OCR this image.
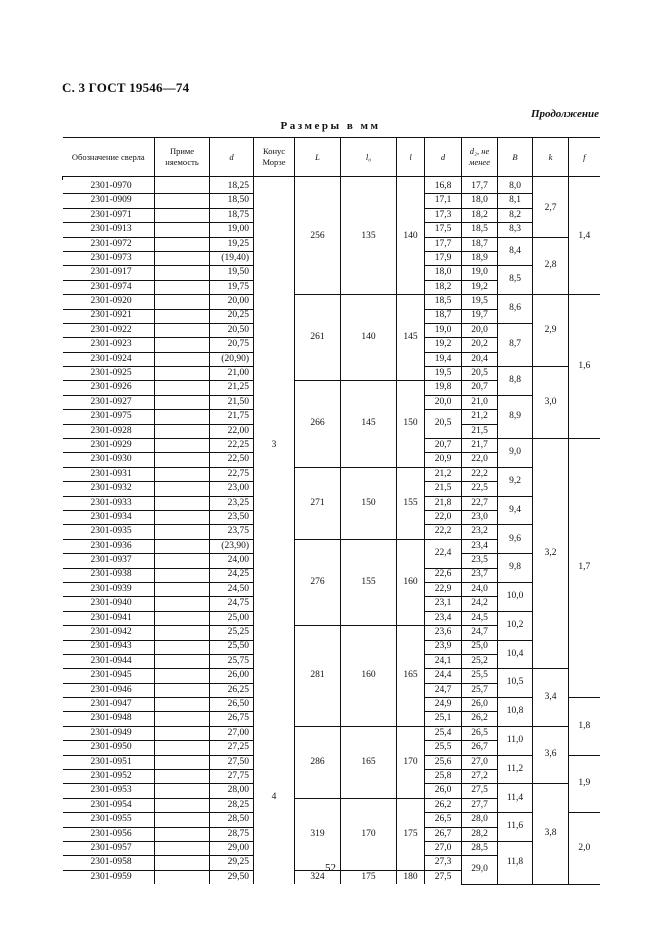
С. 3 ГОСТ 19546—74
Продолжение
Размеры в мм
Обозначение сверла	Приме няемость	d	Конус Морзе	L	l₀	l	d	d₂, не менее	B	k	f

2301-0970		18,25	3	256	135	140	16,8	17,7	8,0	2,7	1,4
2301-0909		18,50					17,1	18,0	8,1		
2301-0971		18,75					17,3	18,2	8,2		
2301-0913		19,00					17,5	18,5	8,3		
2301-0972		19,25					17,7	18,7	8,4	2,8	
2301-0973		(19,40)					17,9	18,9			
2301-0917		19,50					18,0	19,0	8,5		
2301-0974		19,75					18,2	19,2			
2301-0920		20,00		261	140	145	18,5	19,5	8,6	2,9	1,6
2301-0921		20,25					18,7	19,7			
2301-0922		20,50					19,0	20,0	8,7		
2301-0923		20,75					19,2	20,2			
2301-0924		(20,90)					19,4	20,4			
2301-0925		21,00					19,5	20,5	8,8	3,0	
2301-0926		21,25		266	145	150	19,8	20,7			
2301-0927		21,50					20,0	21,0	8,9		
2301-0975		21,75					20,5	21,2			
2301-0928		22,00						21,5			
2301-0929		22,25					20,7	21,7	9,0	3,2	1,7
2301-0930		22,50					20,9	22,0			
2301-0931		22,75		271	150	155	21,2	22,2	9,2		
2301-0932		23,00					21,5	22,5			
2301-0933		23,25					21,8	22,7	9,4		
2301-0934		23,50					22,0	23,0			
2301-0935		23,75					22,2	23,2	9,6		
2301-0936		(23,90)		276	155	160	22,4	23,4			
2301-0937		24,00						23,5	9,8		
2301-0938		24,25					22,6	23,7			
2301-0939		24,50					22,9	24,0	10,0		
2301-0940		24,75					23,1	24,2			
2301-0941		25,00					23,4	24,5	10,2		
2301-0942		25,25		281	160	165	23,6	24,7			
2301-0943		25,50					23,9	25,0	10,4		
2301-0944		25,75					24,1	25,2			
2301-0945		26,00					24,4	25,5	10,5	3,4	
2301-0946		26,25					24,7	25,7			
2301-0947		26,50					24,9	26,0	10,8		1,8
2301-0948		26,75	4				25,1	26,2			
2301-0949		27,00		286	165	170	25,4	26,5	11,0	3,6	
2301-0950		27,25					25,5	26,7			
2301-0951		27,50					25,6	27,0	11,2		1,9
2301-0952		27,75					25,8	27,2			
2301-0953		28,00					26,0	27,5	11,4	3,8	
2301-0954		28,25		319	170	175	26,2	27,7			
2301-0955		28,50					26,5	28,0	11,6		2,0
2301-0956		28,75					26,7	28,2			
2301-0957		29,00					27,0	28,5	11,8		
2301-0958		29,25					27,3	29,0			
2301-0959		29,50		324	175	180	27,5				
52
